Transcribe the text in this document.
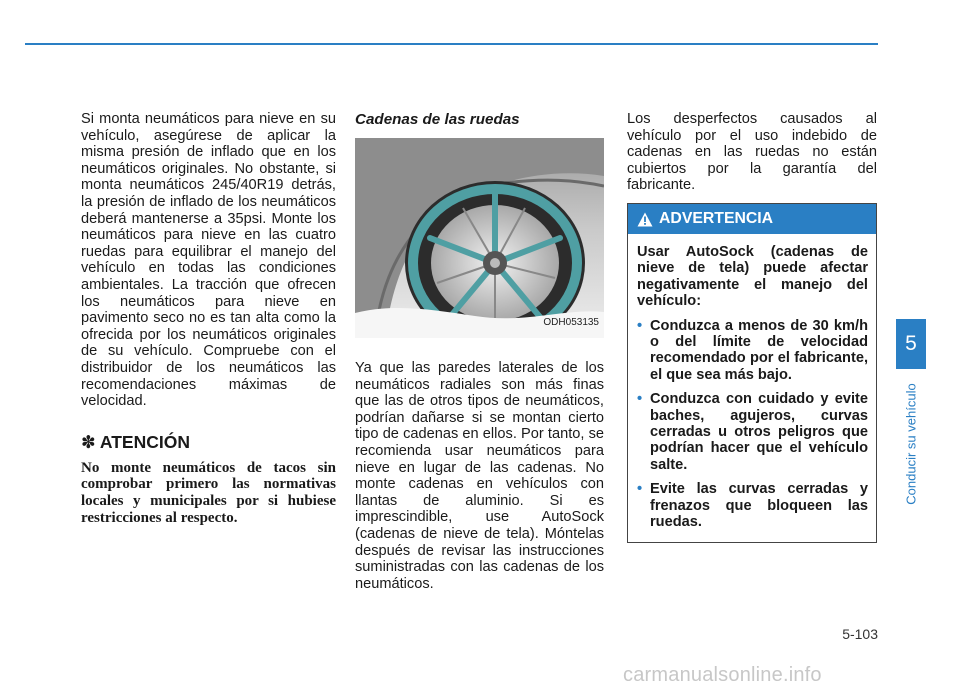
Si monta neumáticos para nieve en su vehículo, asegúrese de aplicar la misma presión de inflado que en los neumáticos originales. No obstante, si monta neumáticos 245/40R19 detrás, la presión de inflado de los neumáticos deberá mantenerse a 35psi. Monte los neumáticos para nieve en las cuatro ruedas para equilibrar el manejo del vehículo en todas las condiciones ambientales. La tracción que ofrecen los neumáticos para nieve en pavimento seco no es tan alta como la ofrecida por los neumáticos originales de su vehículo. Compruebe con el distribuidor de los neumáticos las recomendaciones máximas de velocidad.

✽ ATENCIÓN

No monte neumáticos de tacos sin comprobar primero las normativas locales y municipales por si hubiese restricciones al respecto.

Cadenas de las ruedas

ODH053135

Ya que las paredes laterales de los neumáticos radiales son más finas que las de otros tipos de neumáticos, podrían dañarse si se montan cierto tipo de cadenas en ellos. Por tanto, se recomienda usar neumáticos para nieve en lugar de las cadenas. No monte cadenas en vehículos con llantas de aluminio. Si es imprescindible, use AutoSock (cadenas de nieve de tela). Móntelas después de revisar las instrucciones suministradas con las cadenas de los neumáticos.

Los desperfectos causados al vehículo por el uso indebido de cadenas en las ruedas no están cubiertos por la garantía del fabricante.

ADVERTENCIA

Usar AutoSock (cadenas de nieve de tela) puede afectar negativamente el manejo del vehículo:

• Conduzca a menos de 30 km/h o del límite de velocidad recomendado por el fabricante, el que sea más bajo.
• Conduzca con cuidado y evite baches, agujeros, curvas cerradas u otros peligros que podrían hacer que el vehículo salte.
• Evite las curvas cerradas y frenazos que bloqueen las ruedas.
5
Conducir su vehículo
5-103
carmanualsonline.info
